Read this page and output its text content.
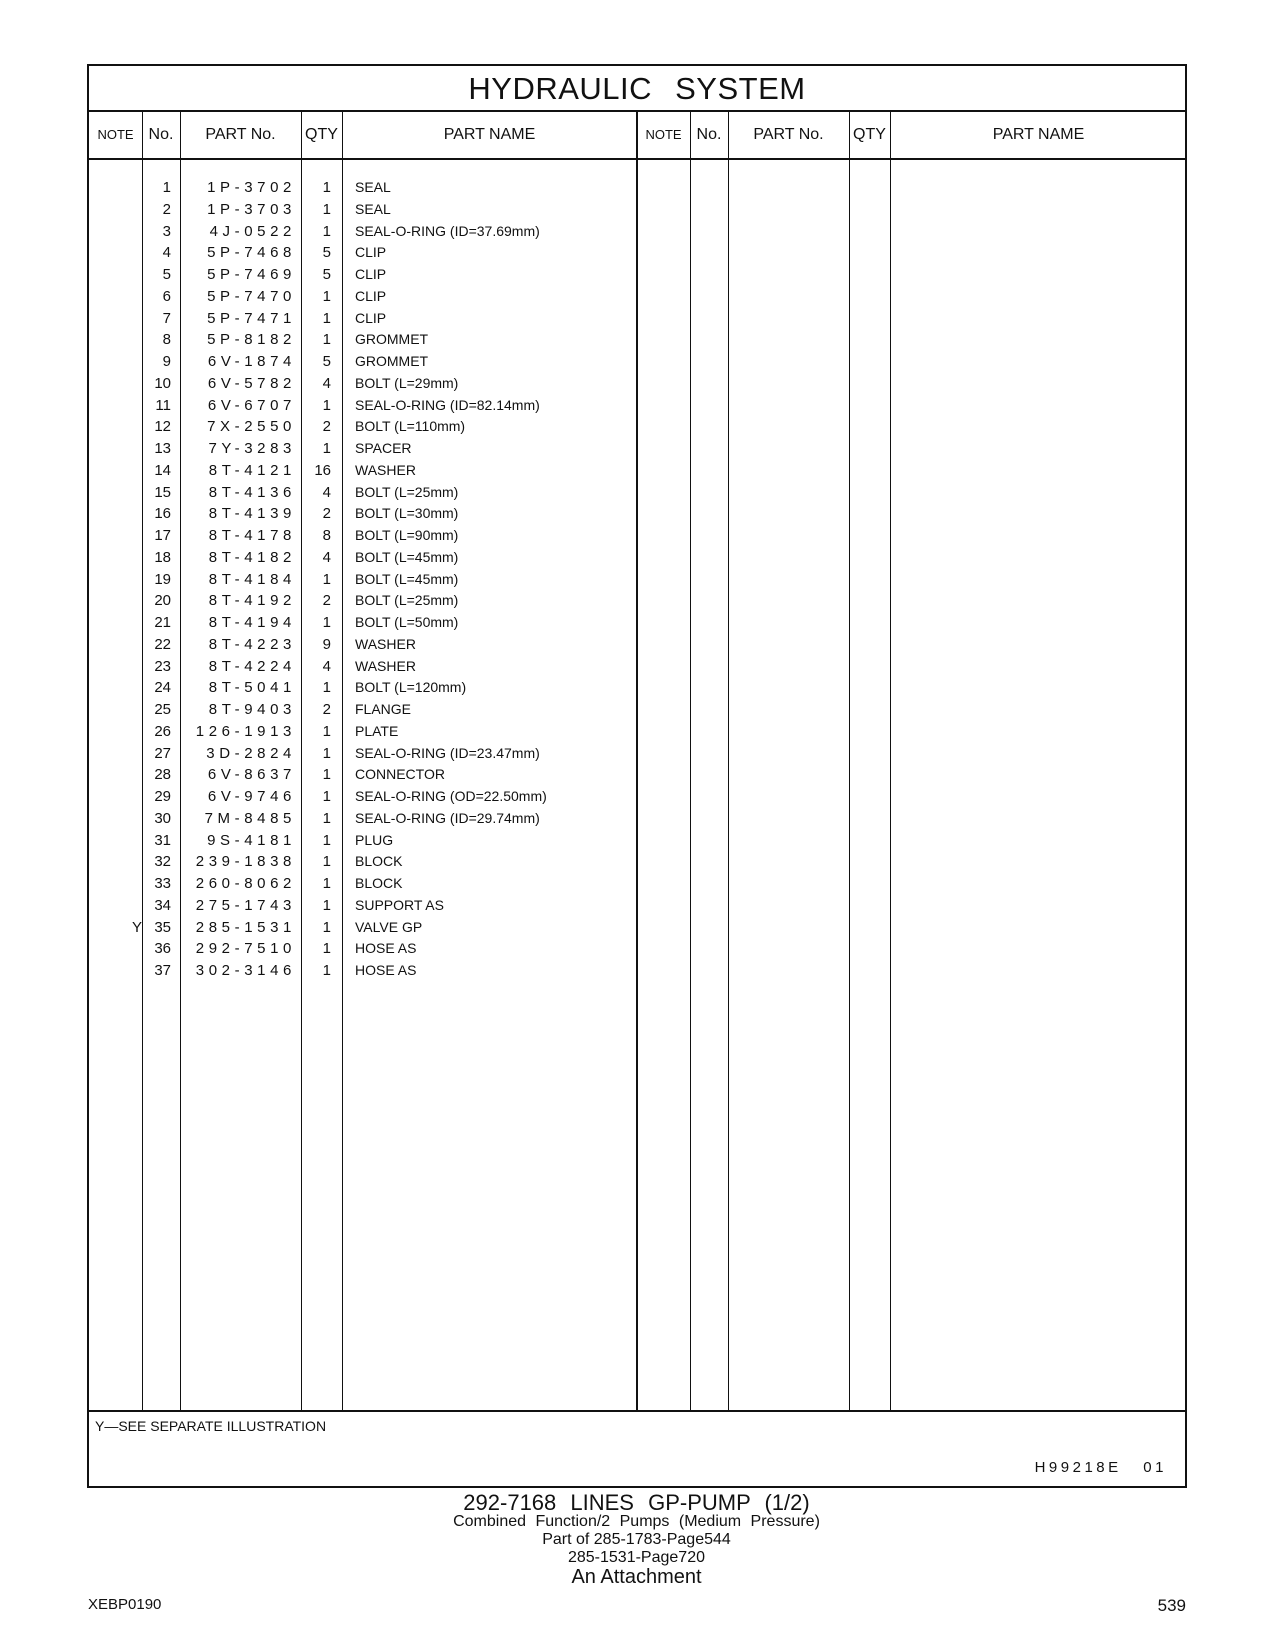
HYDRAULIC SYSTEM
NOTE No.	PART No.	QTY	PART NAME	NOTE No.	PART No.	QTY	PART NAME
1	1P-3702	1 SEAL
2	1P-3703	1 SEAL
3	4J-0522	1 SEAL-O-RING (ID=37.69mm)
4	5P-7468	5 CLIP
5	5P-7469	5 CLIP
6	5P-7470	1 CLIP
7	5P-7471	1 CLIP
8	5P-8182	1 GROMMET
9	6V-1874	5 GROMMET
10	6V-5782	4 BOLT (L=29mm)
11	6V-6707	1 SEAL-O-RING (ID=82.14mm)
12	7X-2550	2 BOLT (L=110mm)
13	7Y-3283	1 SPACER
14	8T-4121	16 WASHER
15	8T-4136	4 BOLT (L=25mm)
16	8T-4139	2 BOLT (L=30mm)
17	8T-4178	8 BOLT (L=90mm)
18	8T-4182	4 BOLT (L=45mm)
19	8T-4184	1 BOLT (L=45mm)
20	8T-4192	2 BOLT (L=25mm)
21	8T-4194	1 BOLT (L=50mm)
22	8T-4223	9 WASHER
23	8T-4224	4 WASHER
24	8T-5041	1 BOLT (L=120mm)
25	8T-9403	2 FLANGE
26	126-1913	1 PLATE
27	3D-2824	1 SEAL-O-RING (ID=23.47mm)
28	6V-8637	1 CONNECTOR
29	6V-9746	1 SEAL-O-RING (OD=22.50mm)
30	7M-8485	1 SEAL-O-RING (ID=29.74mm)
31	9S-4181	1 PLUG
32	239-1838	1 BLOCK
33	260-8062	1 BLOCK
34	275-1743	1 SUPPORT AS
Y 35	285-1531	1 VALVE GP
36	292-7510	1 HOSE AS
37	302-3146	1 HOSE AS
Y—SEE SEPARATE ILLUSTRATION
H99218E 01
292-7168 LINES GP-PUMP (1/2)
Combined Function/2 Pumps (Medium Pressure)
Part of 285-1783-Page544
285-1531-Page720
An Attachment
XEBP0190	539
